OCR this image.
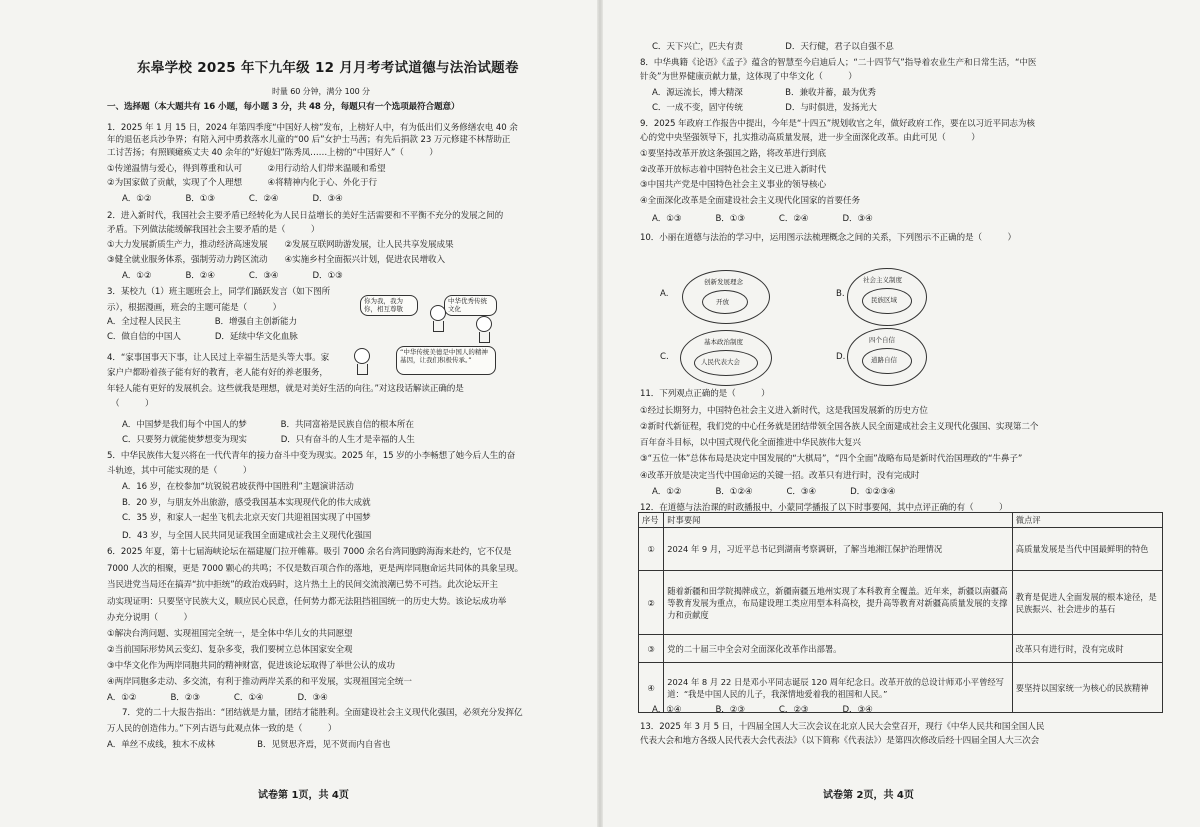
东皋学校 2025 年下九年级 12 月月考考试道德与法治试题卷
时量 60 分钟，满分 100 分
一、选择题（本大题共有 16 小题，每小题 3 分，共 48 分，每题只有一个选项最符合题意）
1．2025 年 1 月 15 日，2024 年第四季度“中国好人榜”发布，上榜好人中，有为低出们义务修缮农电 40 余
年的退伍老兵沙争界；有陪入河中勇救落水儿童的“00 后”女护士马茜；有先后捐款 23 万元修建不林帮助正
工讨苦扬；有照顾瘫痪丈夫 40 余年的“好媳妇”陈秀凤……上榜的“中国好人”（　　　）
①传递温情与爱心，得到尊重和认可　　　②用行动给人们带来温暖和希望
②为国家做了贡献，实现了个人理想　　　④将精神内化于心、外化于行
A．①②　　　　B．①③　　　　C．②④　　　　D．③④
2．进入新时代，我国社会主要矛盾已经转化为人民日益增长的美好生活需要和不平衡不充分的发展之间的
矛盾。下列做法能缓解我国社会主要矛盾的是（　　　）
①大力发展新质生产力，推动经济高速发展　　②发展互联网助游发展，让人民共享发展成果
③健全就业服务体系，强制劳动力跨区流动　　④实施乡村全面振兴计划，促进农民增收入
A．①②　　　　B．②④　　　　C．③④　　　　D．①③
3．某校九（1）班主题班会上，同学们踊跃发言（如下图所
示），根据漫画，班会的主题可能是（　　　）
A．全过程人民民主　　　　B．增强自主创新能力
C．做自信的中国人　　　　D．延续中华文化血脉
4．“家事国事天下事，让人民过上幸福生活是头等大事。家
家户户都盼着孩子能有好的教育，老人能有好的养老服务，
年轻人能有更好的发展机会。这些就我是理想，就是对美好生活的向往。”对这段话解读正确的是
（　　　）
A．中国梦是我们每个中国人的梦　　　　B．共同富裕是民族自信的根本所在
C．只要努力就能使梦想变为现实　　　　D．只有奋斗的人生才是幸福的人生
5．中华民族伟大复兴将在一代代青年的接力奋斗中变为现实。2025 年，15 岁的小李畅想了她今后人生的奋
斗轨迹，其中可能实现的是（　　　）
A．16 岁，在校参加“坑锐锐君坡获得中国胜利”主题演讲活动
B．20 岁，与朋友外出旅游，感受我国基本实现现代化的伟大成就
C．35 岁，和家人一起坐飞机去北京天安门共迎祖国实现了中国梦
D．43 岁，与全国人民共同见证我国全面建成社会主义现代化强国
6．2025 年夏，第十七届海峡论坛在福建厦门拉开帷幕。吸引 7000 余名台湾同胞跨海海来赴约，它不仅是
7000 人次的相聚，更是 7000 颗心的共鸣；不仅是数百项合作的落地，更是两岸同胞命运共同体的具象呈现。
当民进党当局还在搞弄“抗中拒统”的政治戏码时，这片热土上的民间交流浪潮已势不可挡。此次论坛开主
动实现证明：只要坚守民族大义，顺应民心民意，任何势力都无法阻挡祖国统一的历史大势。该论坛成功举
办充分说明（　　　）
①解决台湾问题、实现祖国完全统一，是全体中华儿女的共同愿望
②当前国际形势风云变幻、复杂多变，我们要树立总体国家安全观
③中华文化作为两岸同胞共同的精神财富，促进该论坛取得了举世公认的成功
④两岸同胞多走动、多交流，有利于推动两岸关系的和平发展，实现祖国完全统一
A．①②　　　　B．②③　　　　C．①④　　　　D．③④
7．党的二十大报告指出：“团结就是力量，团结才能胜利。全面建设社会主义现代化强国，必须充分发挥亿
万人民的创造伟力。”下列古语与此观点体一致的是（　　　）
A．单丝不成线，独木不成林　　　　　B．见贤思齐焉，见不贤而内自省也
你为我，我为你，相互尊敬
中华优秀传统文化
“中华传统美德是中国人的精神基因，让我们积极传承。”
试卷第 1页，共 4页
C．天下兴亡，匹夫有责　　　　　D．天行健，君子以自强不息
8．中华典籍《论语》《孟子》蕴含的智慧至今启迪后人；“二十四节气”指导着农业生产和日常生活，“中医
针灸”为世界健康贡献力量，这体现了中华文化（　　　）
A．源远流长，博大精深　　　　　B．兼收并蓄，最为优秀
C．一成不变，固守传统　　　　　D．与时俱进，发扬光大
9．2025 年政府工作报告中提出，今年是“十四五”规划收官之年，做好政府工作，要在以习近平同志为核
心的党中央坚强领导下，扎实推动高质量发展，进一步全面深化改革。由此可见（　　　）
①要坚持改革开放这条强国之路，将改革进行到底
②改革开放标志着中国特色社会主义已进入新时代
③中国共产党是中国特色社会主义事业的领导核心
④全面深化改革是全面建设社会主义现代化国家的首要任务
A．①③　　　　B．①③　　　　C．②④　　　　D．③④
10．小丽在道德与法治的学习中，运用图示法梳理概念之间的关系，下列图示不正确的是（　　　）
11．下列观点正确的是（　　　）
①经过长期努力，中国特色社会主义进入新时代，这是我国发展新的历史方位
②新时代新征程，我们党的中心任务就是团结带领全国各族人民全面建成社会主义现代化强国、实现第二个
百年奋斗目标，以中国式现代化全面推进中华民族伟大复兴
③“五位一体”总体布局是决定中国发展的“大棋局”，“四个全面”战略布局是新时代治国理政的“牛鼻子”
④改革开放是决定当代中国命运的关键一招。改革只有进行时，没有完成时
A．①②　　　　B．①②④　　　　C．③④　　　　D．①②③④
12．在道德与法治课的时政播报中，小蒙同学播报了以下时事要闻，其中点评正确的有（　　　）
A．①④　　　　B．②③　　　　C．②③　　　　D．③④
13．2025 年 3 月 5 日，十四届全国人大三次会议在北京人民大会堂召开，现行《中华人民共和国全国人民
代表大会和地方各级人民代表大会代表法》（以下简称《代表法》）是第四次修改后经十四届全国人大三次会
A.
创新发展理念
开放
B.
社会主义制度
民族区域
C.
基本政治制度
人民代表大会	D.
四个自信
道路自信
序号	时事要闻	微点评
①	2024 年 9 月，习近平总书记到湖南考察调研，了解当地湘江保护治理情况	高质量发展是当代中国最鲜明的特色
②	随着新疆和田学院揭牌成立，新疆南疆五地州实现了本科教育全覆盖。近年来，新疆以南疆高等教育发展为重点，布局建设理工类应用型本科高校，提升高等教育对新疆高质量发展的支撑力和贡献度	教育是促进人全面发展的根本途径，是民族振兴、社会进步的基石
③	党的二十届三中全会对全面深化改革作出部署。	改革只有进行时，没有完成时
④	2024 年 8 月 22 日是邓小平同志诞辰 120 周年纪念日。改革开放的总设计师邓小平曾经写道：“我是中国人民的儿子，我深情地爱着我的祖国和人民。”	要坚持以国家统一为核心的民族精神
试卷第 2页，共 4页
